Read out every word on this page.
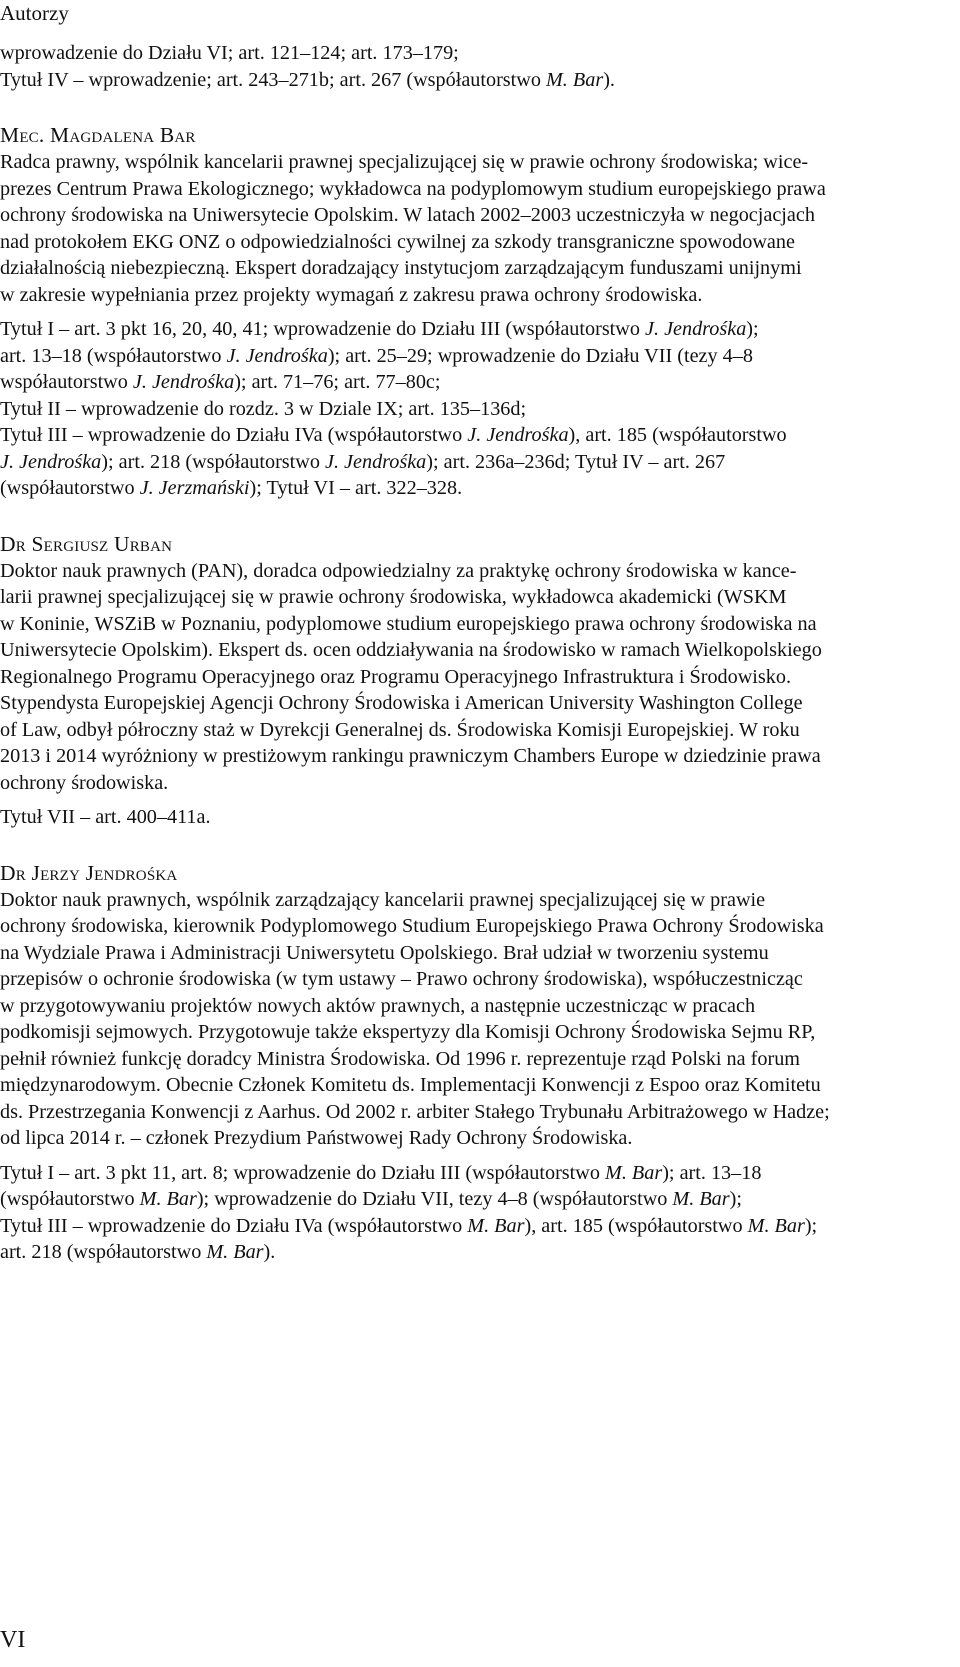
Autorzy
wprowadzenie do Działu VI; art. 121–124; art. 173–179;
Tytuł IV – wprowadzenie; art. 243–271b; art. 267 (współautorstwo M. Bar).
Mec. Magdalena Bar
Radca prawny, wspólnik kancelarii prawnej specjalizującej się w prawie ochrony środowiska; wice-
prezes Centrum Prawa Ekologicznego; wykładowca na podyplomowym studium europejskiego prawa
ochrony środowiska na Uniwersytecie Opolskim. W latach 2002–2003 uczestniczyła w negocjacjach
nad protokołem EKG ONZ o odpowiedzialności cywilnej za szkody transgraniczne spowodowane
działalnością niebezpieczną. Ekspert doradzający instytucjom zarządzającym funduszami unijnymi
w zakresie wypełniania przez projekty wymagań z zakresu prawa ochrony środowiska.
Tytuł I – art. 3 pkt 16, 20, 40, 41; wprowadzenie do Działu III (współautorstwo J. Jendrośka);
art. 13–18 (współautorstwo J. Jendrośka); art. 25–29; wprowadzenie do Działu VII (tezy 4–8
współautorstwo J. Jendrośka); art. 71–76; art. 77–80c;
Tytuł II – wprowadzenie do rozdz. 3 w Dziale IX; art. 135–136d;
Tytuł III – wprowadzenie do Działu IVa (współautorstwo J. Jendrośka), art. 185 (współautorstwo
J. Jendrośka); art. 218 (współautorstwo J. Jendrośka); art. 236a–236d; Tytuł IV – art. 267
(współautorstwo J. Jerzmański); Tytuł VI – art. 322–328.
Dr Sergiusz Urban
Doktor nauk prawnych (PAN), doradca odpowiedzialny za praktykę ochrony środowiska w kance-
larii prawnej specjalizującej się w prawie ochrony środowiska, wykładowca akademicki (WSKM
w Koninie, WSZiB w Poznaniu, podyplomowe studium europejskiego prawa ochrony środowiska na
Uniwersytecie Opolskim). Ekspert ds. ocen oddziaływania na środowisko w ramach Wielkopolskiego
Regionalnego Programu Operacyjnego oraz Programu Operacyjnego Infrastruktura i Środowisko.
Stypendysta Europejskiej Agencji Ochrony Środowiska i American University Washington College
of Law, odbył półroczny staż w Dyrekcji Generalnej ds. Środowiska Komisji Europejskiej. W roku
2013 i 2014 wyróżniony w prestiżowym rankingu prawniczym Chambers Europe w dziedzinie prawa
ochrony środowiska.
Tytuł VII – art. 400–411a.
Dr Jerzy Jendrośka
Doktor nauk prawnych, wspólnik zarządzający kancelarii prawnej specjalizującej się w prawie
ochrony środowiska, kierownik Podyplomowego Studium Europejskiego Prawa Ochrony Środowiska
na Wydziale Prawa i Administracji Uniwersytetu Opolskiego. Brał udział w tworzeniu systemu
przepisów o ochronie środowiska (w tym ustawy – Prawo ochrony środowiska), współuczestnicząc
w przygotowywaniu projektów nowych aktów prawnych, a następnie uczestnicząc w pracach
podkomisji sejmowych. Przygotowuje także ekspertyzy dla Komisji Ochrony Środowiska Sejmu RP,
pełnił również funkcję doradcy Ministra Środowiska. Od 1996 r. reprezentuje rząd Polski na forum
międzynarodowym. Obecnie Członek Komitetu ds. Implementacji Konwencji z Espoo oraz Komitetu
ds. Przestrzegania Konwencji z Aarhus. Od 2002 r. arbiter Stałego Trybunału Arbitrażowego w Hadze;
od lipca 2014 r. – członek Prezydium Państwowej Rady Ochrony Środowiska.
Tytuł I – art. 3 pkt 11, art. 8; wprowadzenie do Działu III (współautorstwo M. Bar); art. 13–18
(współautorstwo M. Bar); wprowadzenie do Działu VII, tezy 4–8 (współautorstwo M. Bar);
Tytuł III – wprowadzenie do Działu IVa (współautorstwo M. Bar), art. 185 (współautorstwo M. Bar);
art. 218 (współautorstwo M. Bar).
VI
